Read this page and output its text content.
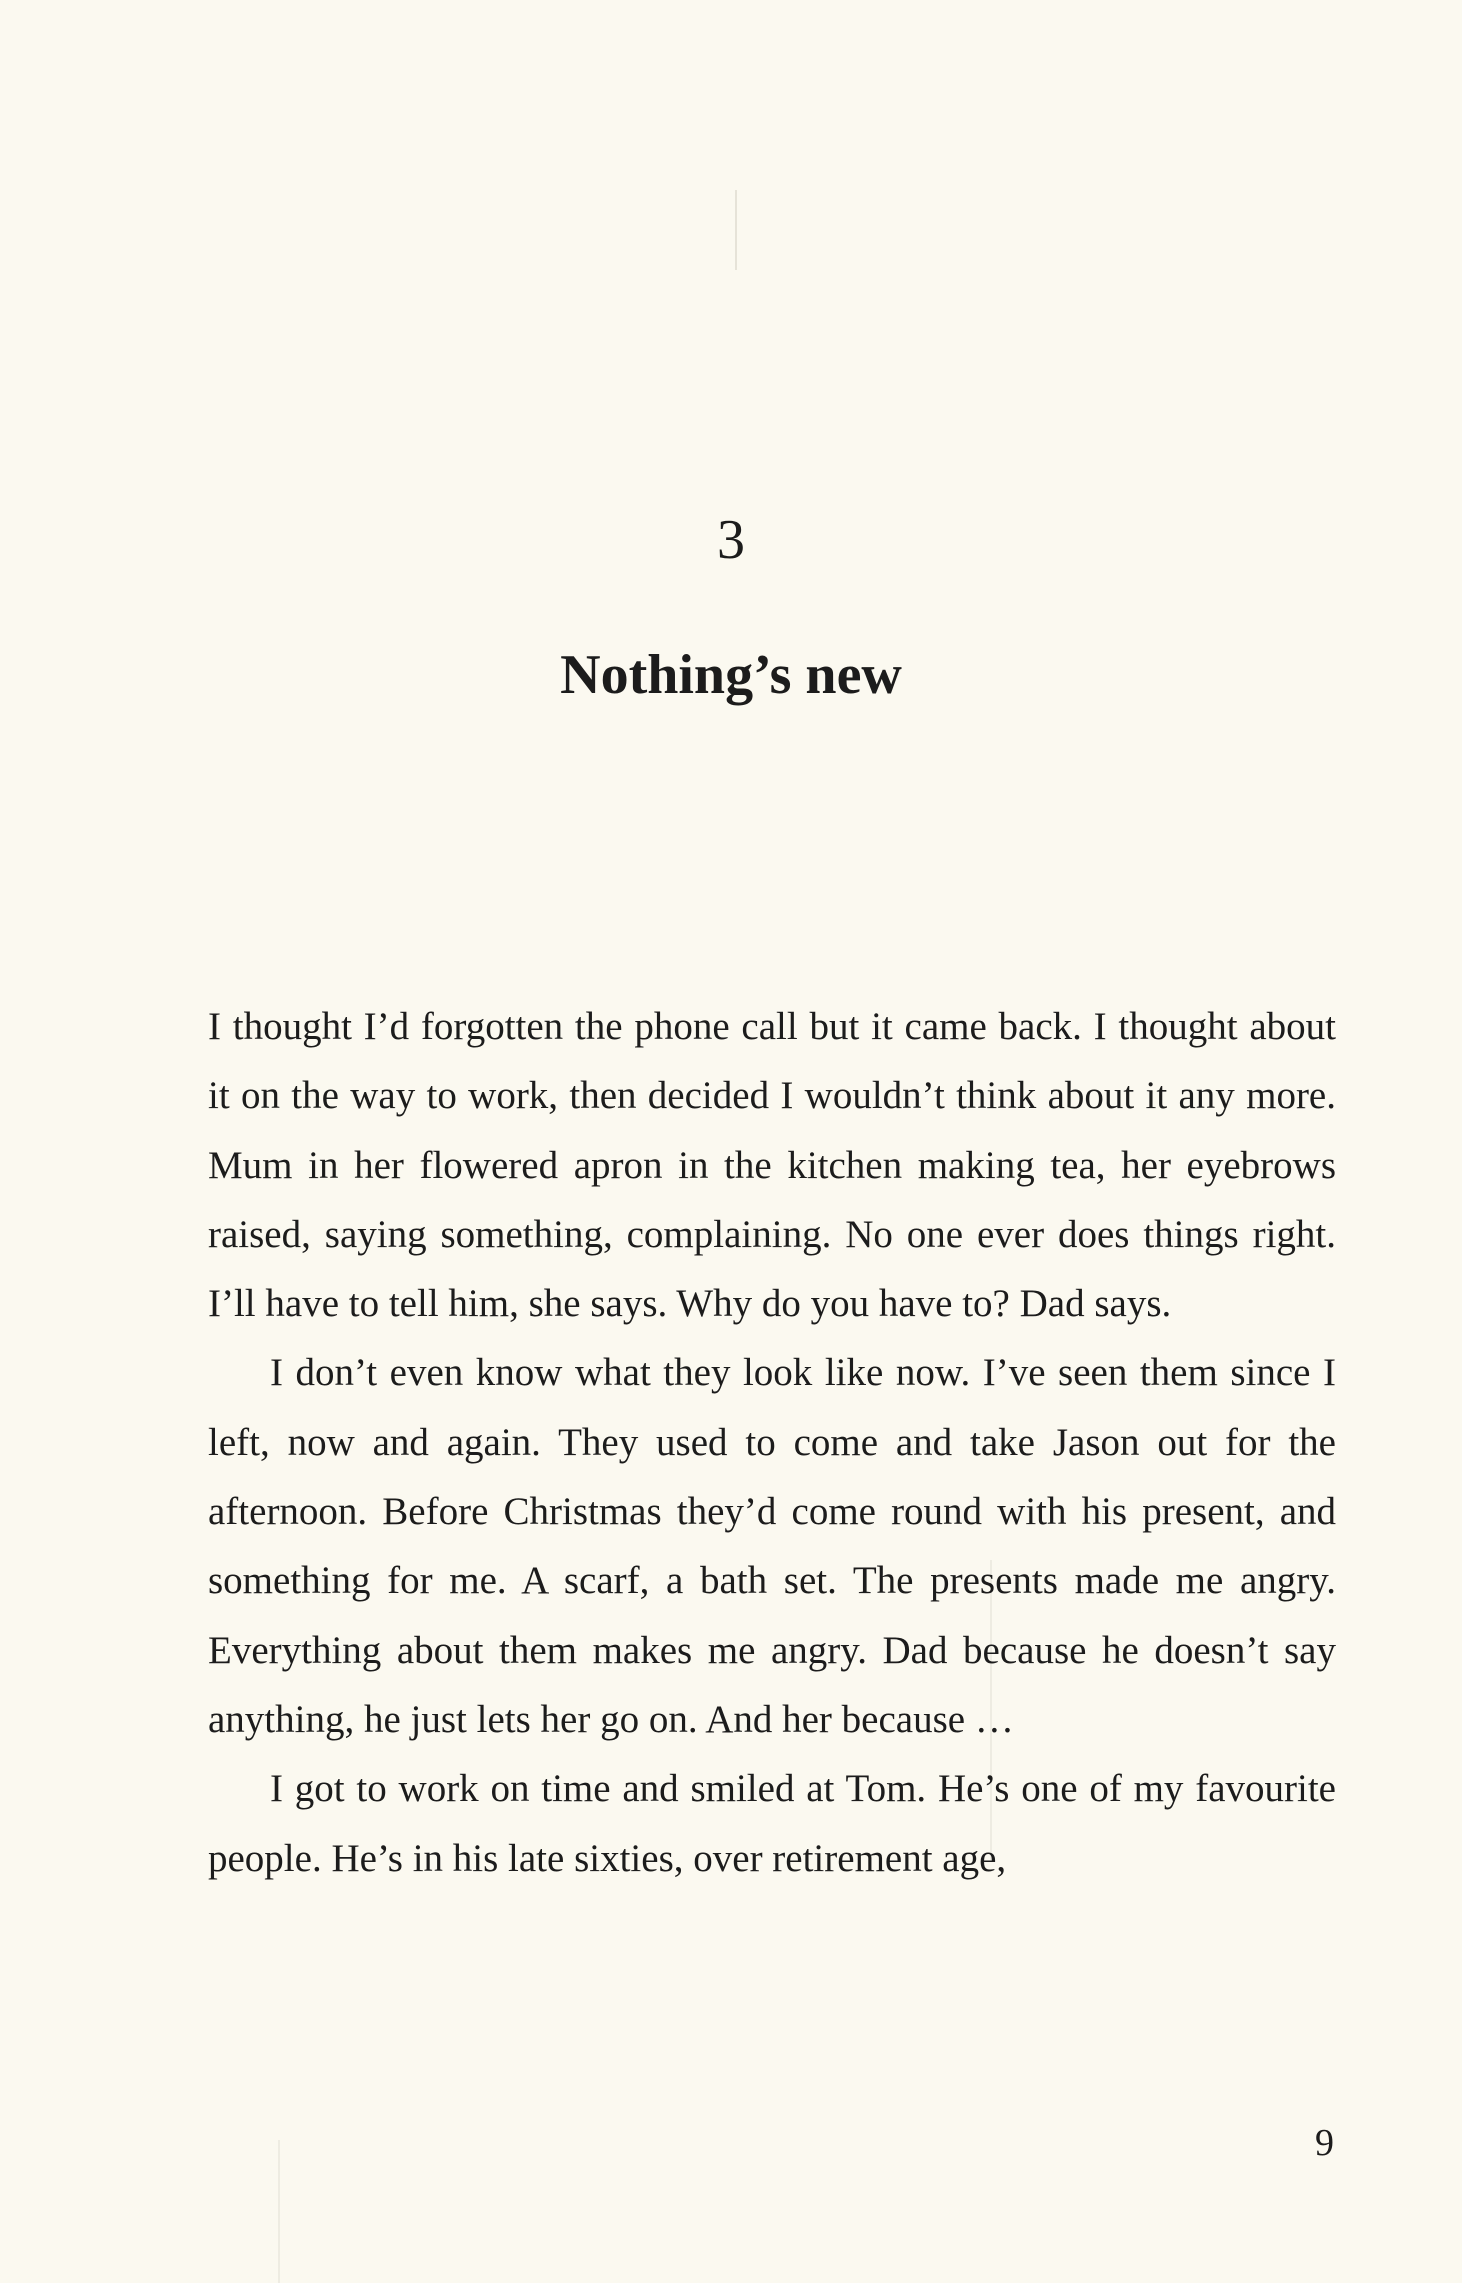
3
Nothing’s new

I thought I’d forgotten the phone call but it came back. I thought about it on the way to work, then decided I wouldn’t think about it any more. Mum in her flowered apron in the kitchen making tea, her eyebrows raised, saying something, complaining. No one ever does things right. I’ll have to tell him, she says. Why do you have to? Dad says.

I don’t even know what they look like now. I’ve seen them since I left, now and again. They used to come and take Jason out for the afternoon. Before Christmas they’d come round with his present, and something for me. A scarf, a bath set. The presents made me angry. Everything about them makes me angry. Dad because he doesn’t say anything, he just lets her go on. And her because …

I got to work on time and smiled at Tom. He’s one of my favourite people. He’s in his late sixties, over retirement age,

9
